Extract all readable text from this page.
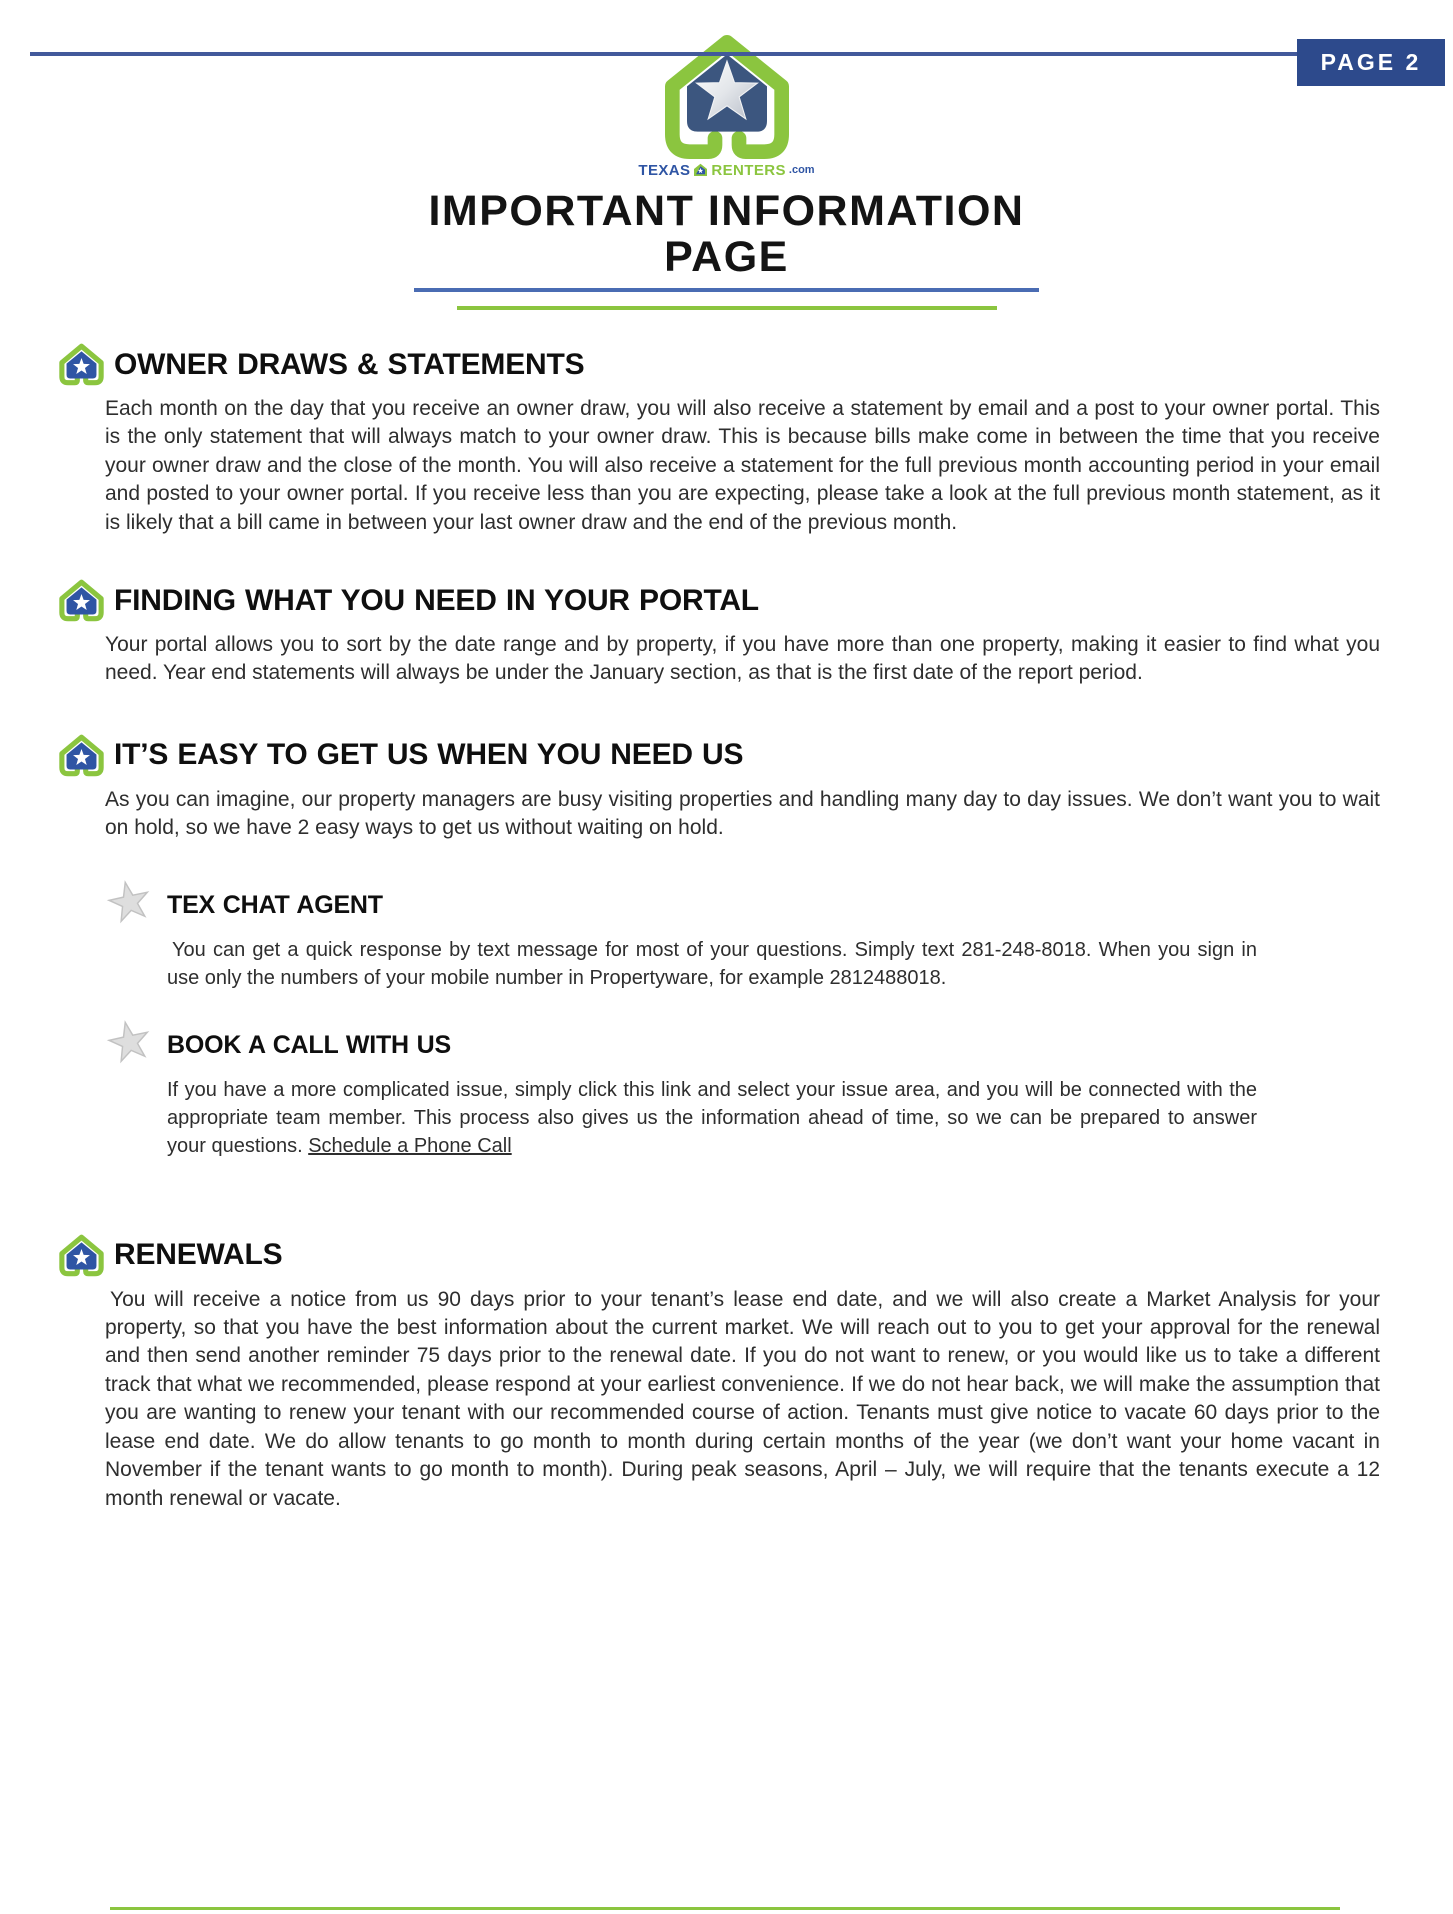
PAGE 2
TEXAS RENTERS .com
IMPORTANT INFORMATION
PAGE
OWNER DRAWS & STATEMENTS

Each month on the day that you receive an owner draw, you will also receive a statement by email and a post to your owner portal. This is the only statement that will always match to your owner draw. This is because bills make come in between the time that you receive your owner draw and the close of the month. You will also receive a statement for the full previous month accounting period in your email and posted to your owner portal. If you receive less than you are expecting, please take a look at the full previous month statement, as it is likely that a bill came in between your last owner draw and the end of the previous month.

FINDING WHAT YOU NEED IN YOUR PORTAL

Your portal allows you to sort by the date range and by property, if you have more than one property, making it easier to find what you need. Year end statements will always be under the January section, as that is the first date of the report period.

IT’S EASY TO GET US WHEN YOU NEED US

As you can imagine, our property managers are busy visiting properties and handling many day to day issues. We don’t want you to wait on hold, so we have 2 easy ways to get us without waiting on hold.

TEX CHAT AGENT

You can get a quick response by text message for most of your questions. Simply text 281-248-8018. When you sign in use only the numbers of your mobile number in Propertyware, for example 2812488018.

BOOK A CALL WITH US

If you have a more complicated issue, simply click this link and select your issue area, and you will be connected with the appropriate team member. This process also gives us the information ahead of time, so we can be prepared to answer your questions. Schedule a Phone Call

RENEWALS

You will receive a notice from us 90 days prior to your tenant’s lease end date, and we will also create a Market Analysis for your property, so that you have the best information about the current market. We will reach out to you to get your approval for the renewal and then send another reminder 75 days prior to the renewal date. If you do not want to renew, or you would like us to take a different track that what we recommended, please respond at your earliest convenience. If we do not hear back, we will make the assumption that you are wanting to renew your tenant with our recommended course of action. Tenants must give notice to vacate 60 days prior to the lease end date. We do allow tenants to go month to month during certain months of the year (we don’t want your home vacant in November if the tenant wants to go month to month). During peak seasons, April – July, we will require that the tenants execute a 12 month renewal or vacate.
